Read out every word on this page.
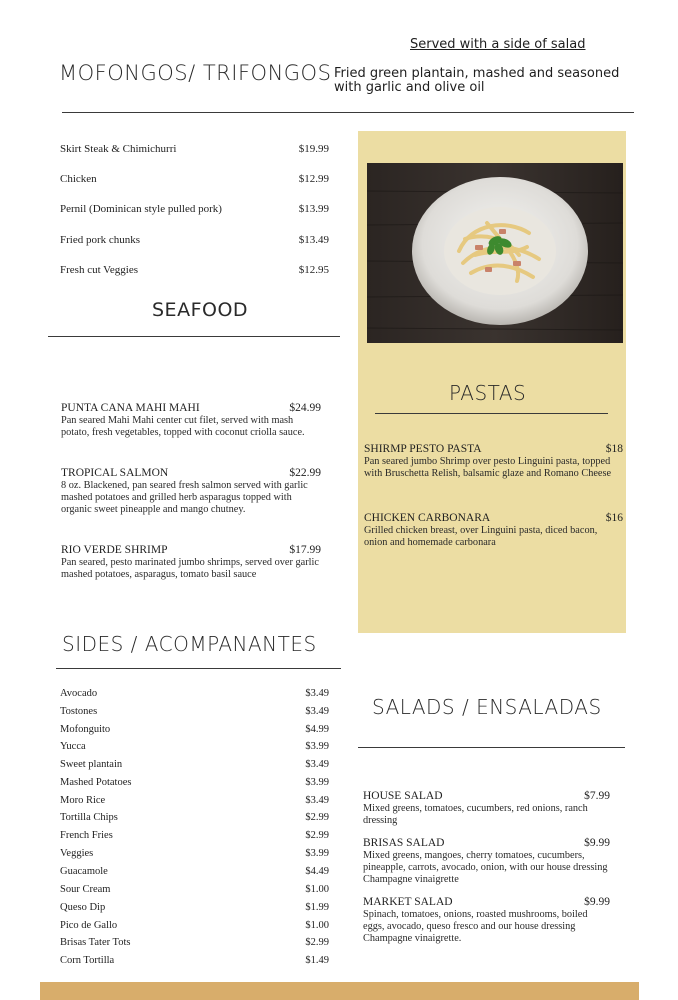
Served with a side of salad
MOFONGOS/ TRIFONGOS Fried green plantain, mashed and seasoned with garlic and olive oil
Skirt Steak & Chimichurri	$19.99
Chicken	$12.99
Pernil (Dominican style pulled pork)	$13.99
Fried pork chunks	$13.49
Fresh cut Veggies	$12.95
SEAFOOD
PUNTA CANA MAHI MAHI	$24.99
Pan seared Mahi Mahi center cut filet, served with mash potato, fresh vegetables, topped with coconut criolla sauce.
TROPICAL SALMON	$22.99
8 oz. Blackened, pan seared fresh salmon served with garlic mashed potatoes and grilled herb asparagus topped with organic sweet pineapple and mango chutney.
RIO VERDE SHRIMP	$17.99
Pan seared, pesto marinated jumbo shrimps, served over garlic mashed potatoes, asparagus, tomato basil sauce
PASTAS
SHIRMP PESTO PASTA	$18
Pan seared jumbo Shrimp over pesto Linguini pasta, topped with Bruschetta Relish, balsamic glaze and Romano Cheese
CHICKEN CARBONARA	$16
Grilled chicken breast, over Linguini pasta, diced bacon, onion and homemade carbonara
SIDES / ACOMPANANTES
Avocado	$3.49
Tostones	$3.49
Mofonguito	$4.99
Yucca	$3.99
Sweet plantain	$3.49
Mashed Potatoes	$3.99
Moro Rice	$3.49
Tortilla Chips	$2.99
French Fries	$2.99
Veggies	$3.99
Guacamole	$4.49
Sour Cream	$1.00
Queso Dip	$1.99
Pico de Gallo	$1.00
Brisas Tater Tots	$2.99
Corn Tortilla	$1.49
SALADS / ENSALADAS
HOUSE SALAD	$7.99
Mixed greens, tomatoes, cucumbers, red onions, ranch dressing
BRISAS SALAD	$9.99
Mixed greens, mangoes, cherry tomatoes, cucumbers, pineapple, carrots, avocado, onion, with our house dressing Champagne vinaigrette
MARKET SALAD	$9.99
Spinach, tomatoes, onions, roasted mushrooms, boiled eggs, avocado, queso fresco and our house dressing Champagne vinaigrette.
